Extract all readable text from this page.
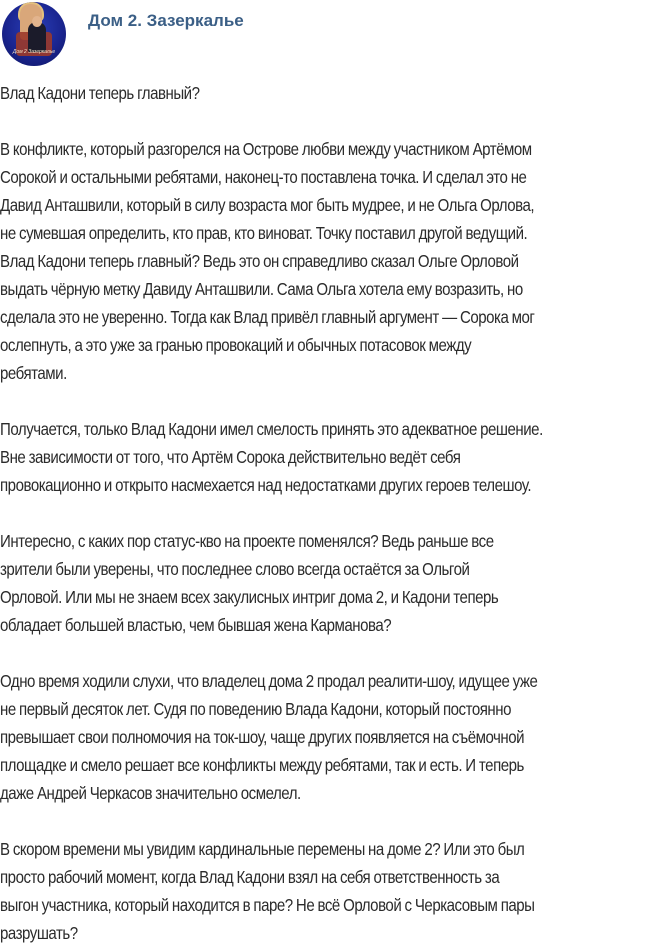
Дом 2 Зазеркалье
Дом 2. Зазеркалье
Влад Кадони теперь главный?
В конфликте, который разгорелся на Острове любви между участником Артёмом
Сорокой и остальными ребятами, наконец-то поставлена точка. И сделал это не
Давид Анташвили, который в силу возраста мог быть мудрее, и не Ольга Орлова,
не сумевшая определить, кто прав, кто виноват. Точку поставил другой ведущий.
Влад Кадони теперь главный? Ведь это он справедливо сказал Ольге Орловой
выдать чёрную метку Давиду Анташвили. Сама Ольга хотела ему возразить, но
сделала это не уверенно. Тогда как Влад привёл главный аргумент — Сорока мог
ослепнуть, а это уже за гранью провокаций и обычных потасовок между
ребятами.
Получается, только Влад Кадони имел смелость принять это адекватное решение.
Вне зависимости от того, что Артём Сорока действительно ведёт себя
провокационно и открыто насмехается над недостатками других героев телешоу.
Интересно, с каких пор статус-кво на проекте поменялся? Ведь раньше все
зрители были уверены, что последнее слово всегда остаётся за Ольгой
Орловой. Или мы не знаем всех закулисных интриг дома 2, и Кадони теперь
обладает большей властью, чем бывшая жена Карманова?
Одно время ходили слухи, что владелец дома 2 продал реалити-шоу, идущее уже
не первый десяток лет. Судя по поведению Влада Кадони, который постоянно
превышает свои полномочия на ток-шоу, чаще других появляется на съёмочной
площадке и смело решает все конфликты между ребятами, так и есть. И теперь
даже Андрей Черкасов значительно осмелел.
В скором времени мы увидим кардинальные перемены на доме 2? Или это был
просто рабочий момент, когда Влад Кадони взял на себя ответственность за
выгон участника, который находится в паре? Не всё Орловой с Черкасовым пары
разрушать?
